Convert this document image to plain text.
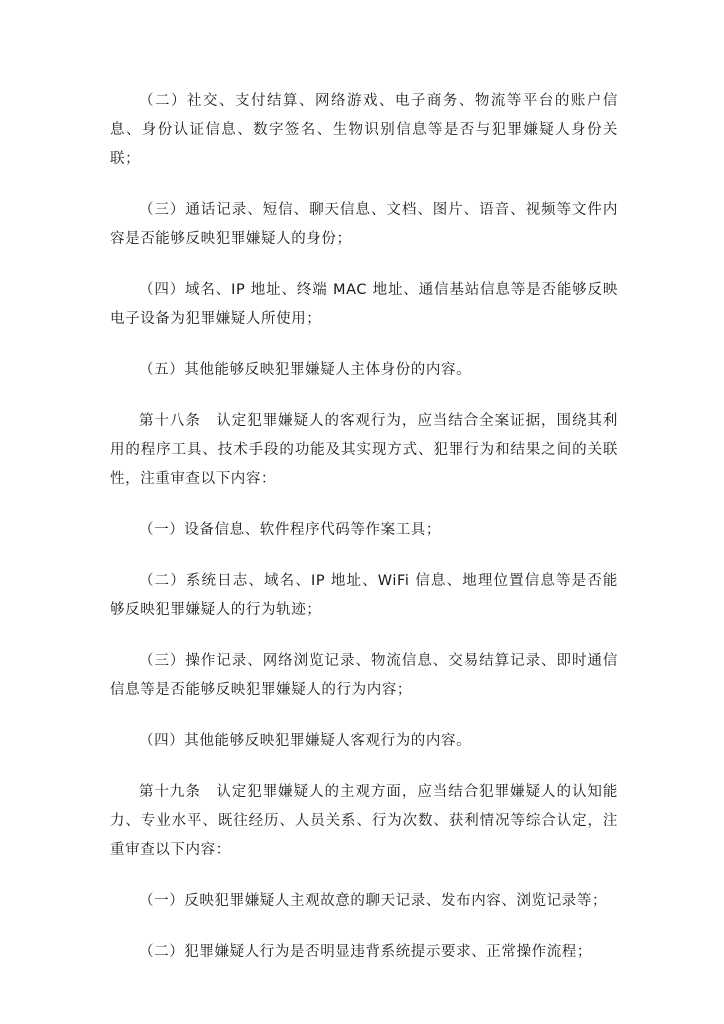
（二）社交、支付结算、网络游戏、电子商务、物流等平台的账户信息、身份认证信息、数字签名、生物识别信息等是否与犯罪嫌疑人身份关联；

（三）通话记录、短信、聊天信息、文档、图片、语音、视频等文件内容是否能够反映犯罪嫌疑人的身份；

（四）域名、IP 地址、终端 MAC 地址、通信基站信息等是否能够反映电子设备为犯罪嫌疑人所使用；

（五）其他能够反映犯罪嫌疑人主体身份的内容。

第十八条　认定犯罪嫌疑人的客观行为，应当结合全案证据，围绕其利用的程序工具、技术手段的功能及其实现方式、犯罪行为和结果之间的关联性，注重审查以下内容：

（一）设备信息、软件程序代码等作案工具；

（二）系统日志、域名、IP 地址、WiFi 信息、地理位置信息等是否能够反映犯罪嫌疑人的行为轨迹；

（三）操作记录、网络浏览记录、物流信息、交易结算记录、即时通信信息等是否能够反映犯罪嫌疑人的行为内容；

（四）其他能够反映犯罪嫌疑人客观行为的内容。

第十九条　认定犯罪嫌疑人的主观方面，应当结合犯罪嫌疑人的认知能力、专业水平、既往经历、人员关系、行为次数、获利情况等综合认定，注重审查以下内容：

（一）反映犯罪嫌疑人主观故意的聊天记录、发布内容、浏览记录等；

（二）犯罪嫌疑人行为是否明显违背系统提示要求、正常操作流程；
